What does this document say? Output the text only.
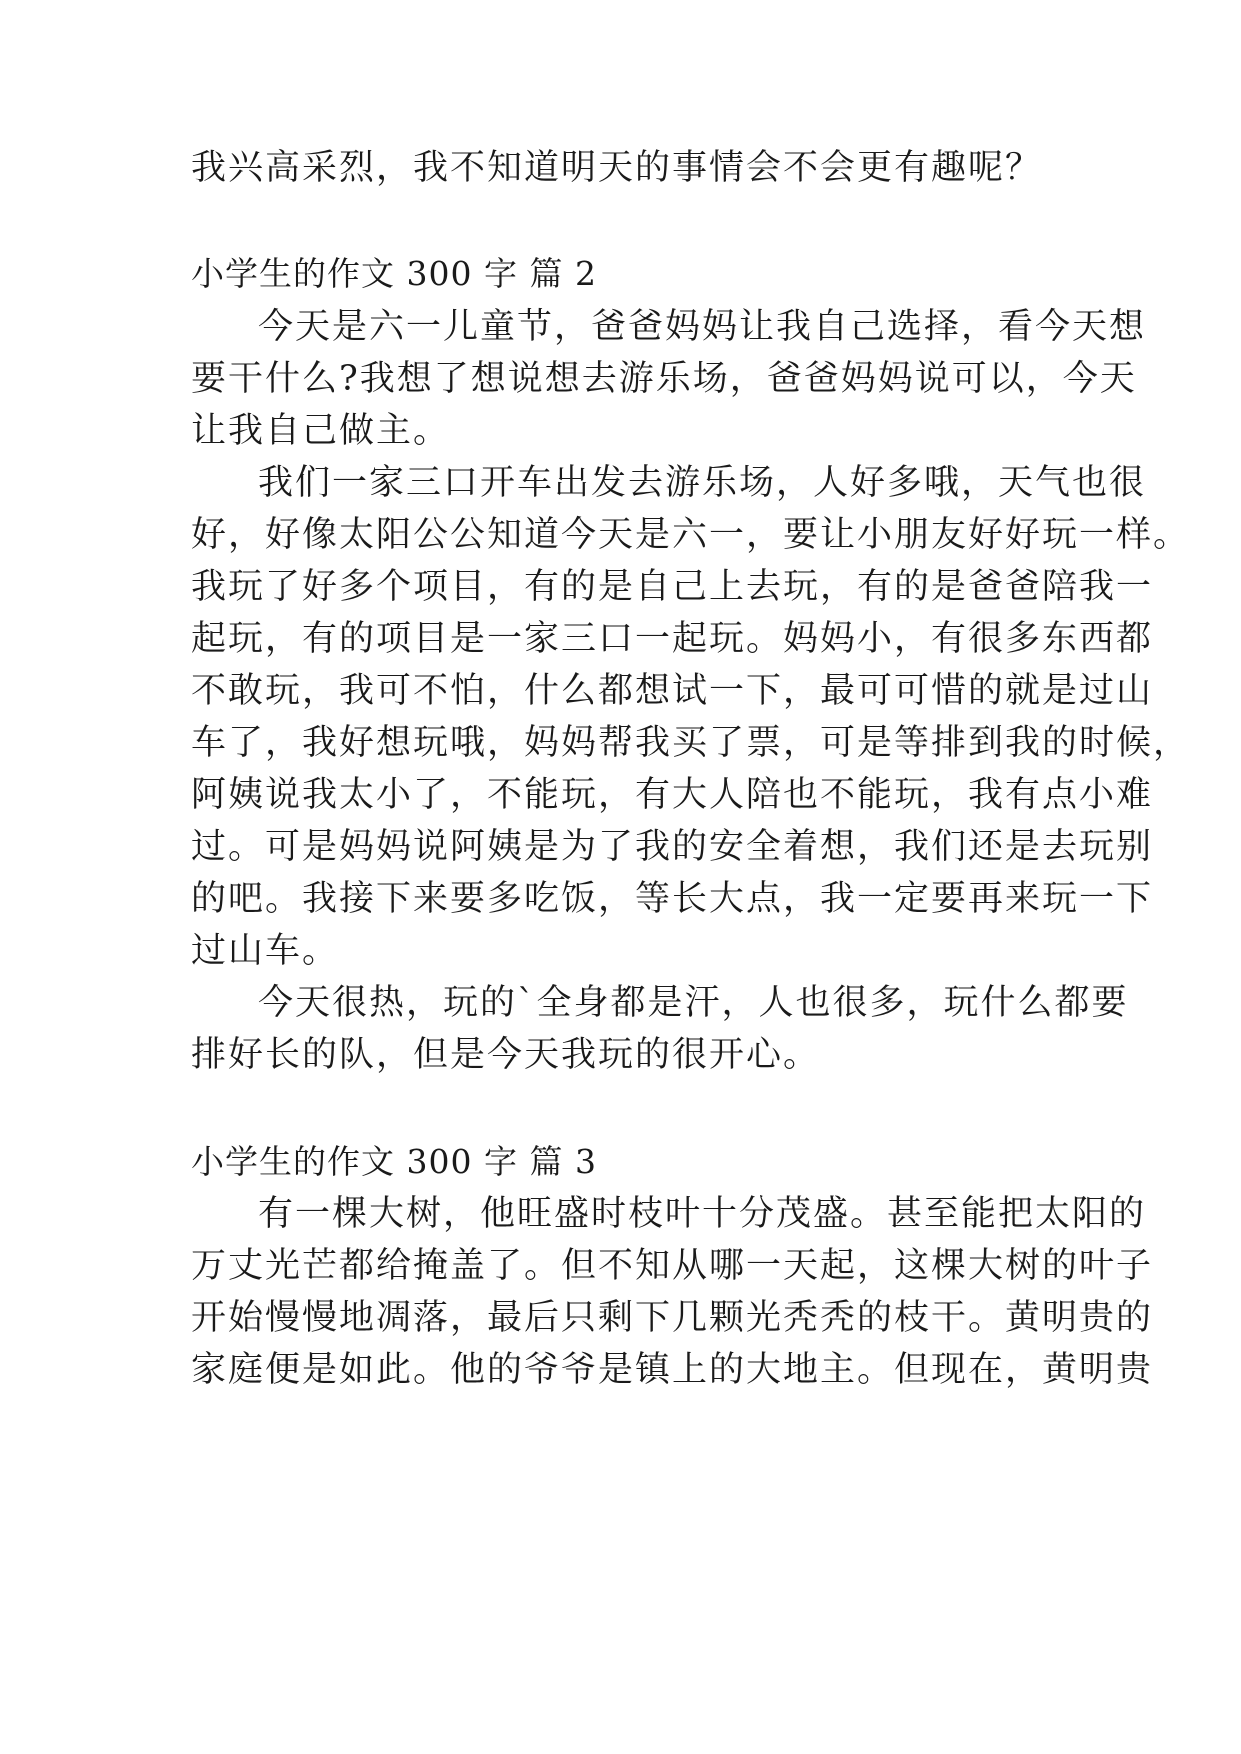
我兴高采烈，我不知道明天的事情会不会更有趣呢？
小学生的作文 300 字 篇 2
今天是六一儿童节，爸爸妈妈让我自己选择，看今天想
要干什么?我想了想说想去游乐场，爸爸妈妈说可以，今天
让我自己做主。
我们一家三口开车出发去游乐场，人好多哦，天气也很
好，好像太阳公公知道今天是六一，要让小朋友好好玩一样。
我玩了好多个项目，有的是自己上去玩，有的是爸爸陪我一
起玩，有的项目是一家三口一起玩。妈妈小，有很多东西都
不敢玩，我可不怕，什么都想试一下，最可可惜的就是过山
车了，我好想玩哦，妈妈帮我买了票，可是等排到我的时候，
阿姨说我太小了，不能玩，有大人陪也不能玩，我有点小难
过。可是妈妈说阿姨是为了我的安全着想，我们还是去玩别
的吧。我接下来要多吃饭，等长大点，我一定要再来玩一下
过山车。
今天很热，玩的`全身都是汗，人也很多，玩什么都要
排好长的队，但是今天我玩的很开心。
小学生的作文 300 字 篇 3
有一棵大树，他旺盛时枝叶十分茂盛。甚至能把太阳的
万丈光芒都给掩盖了。但不知从哪一天起，这棵大树的叶子
开始慢慢地凋落，最后只剩下几颗光秃秃的枝干。黄明贵的
家庭便是如此。他的爷爷是镇上的大地主。但现在，黄明贵
